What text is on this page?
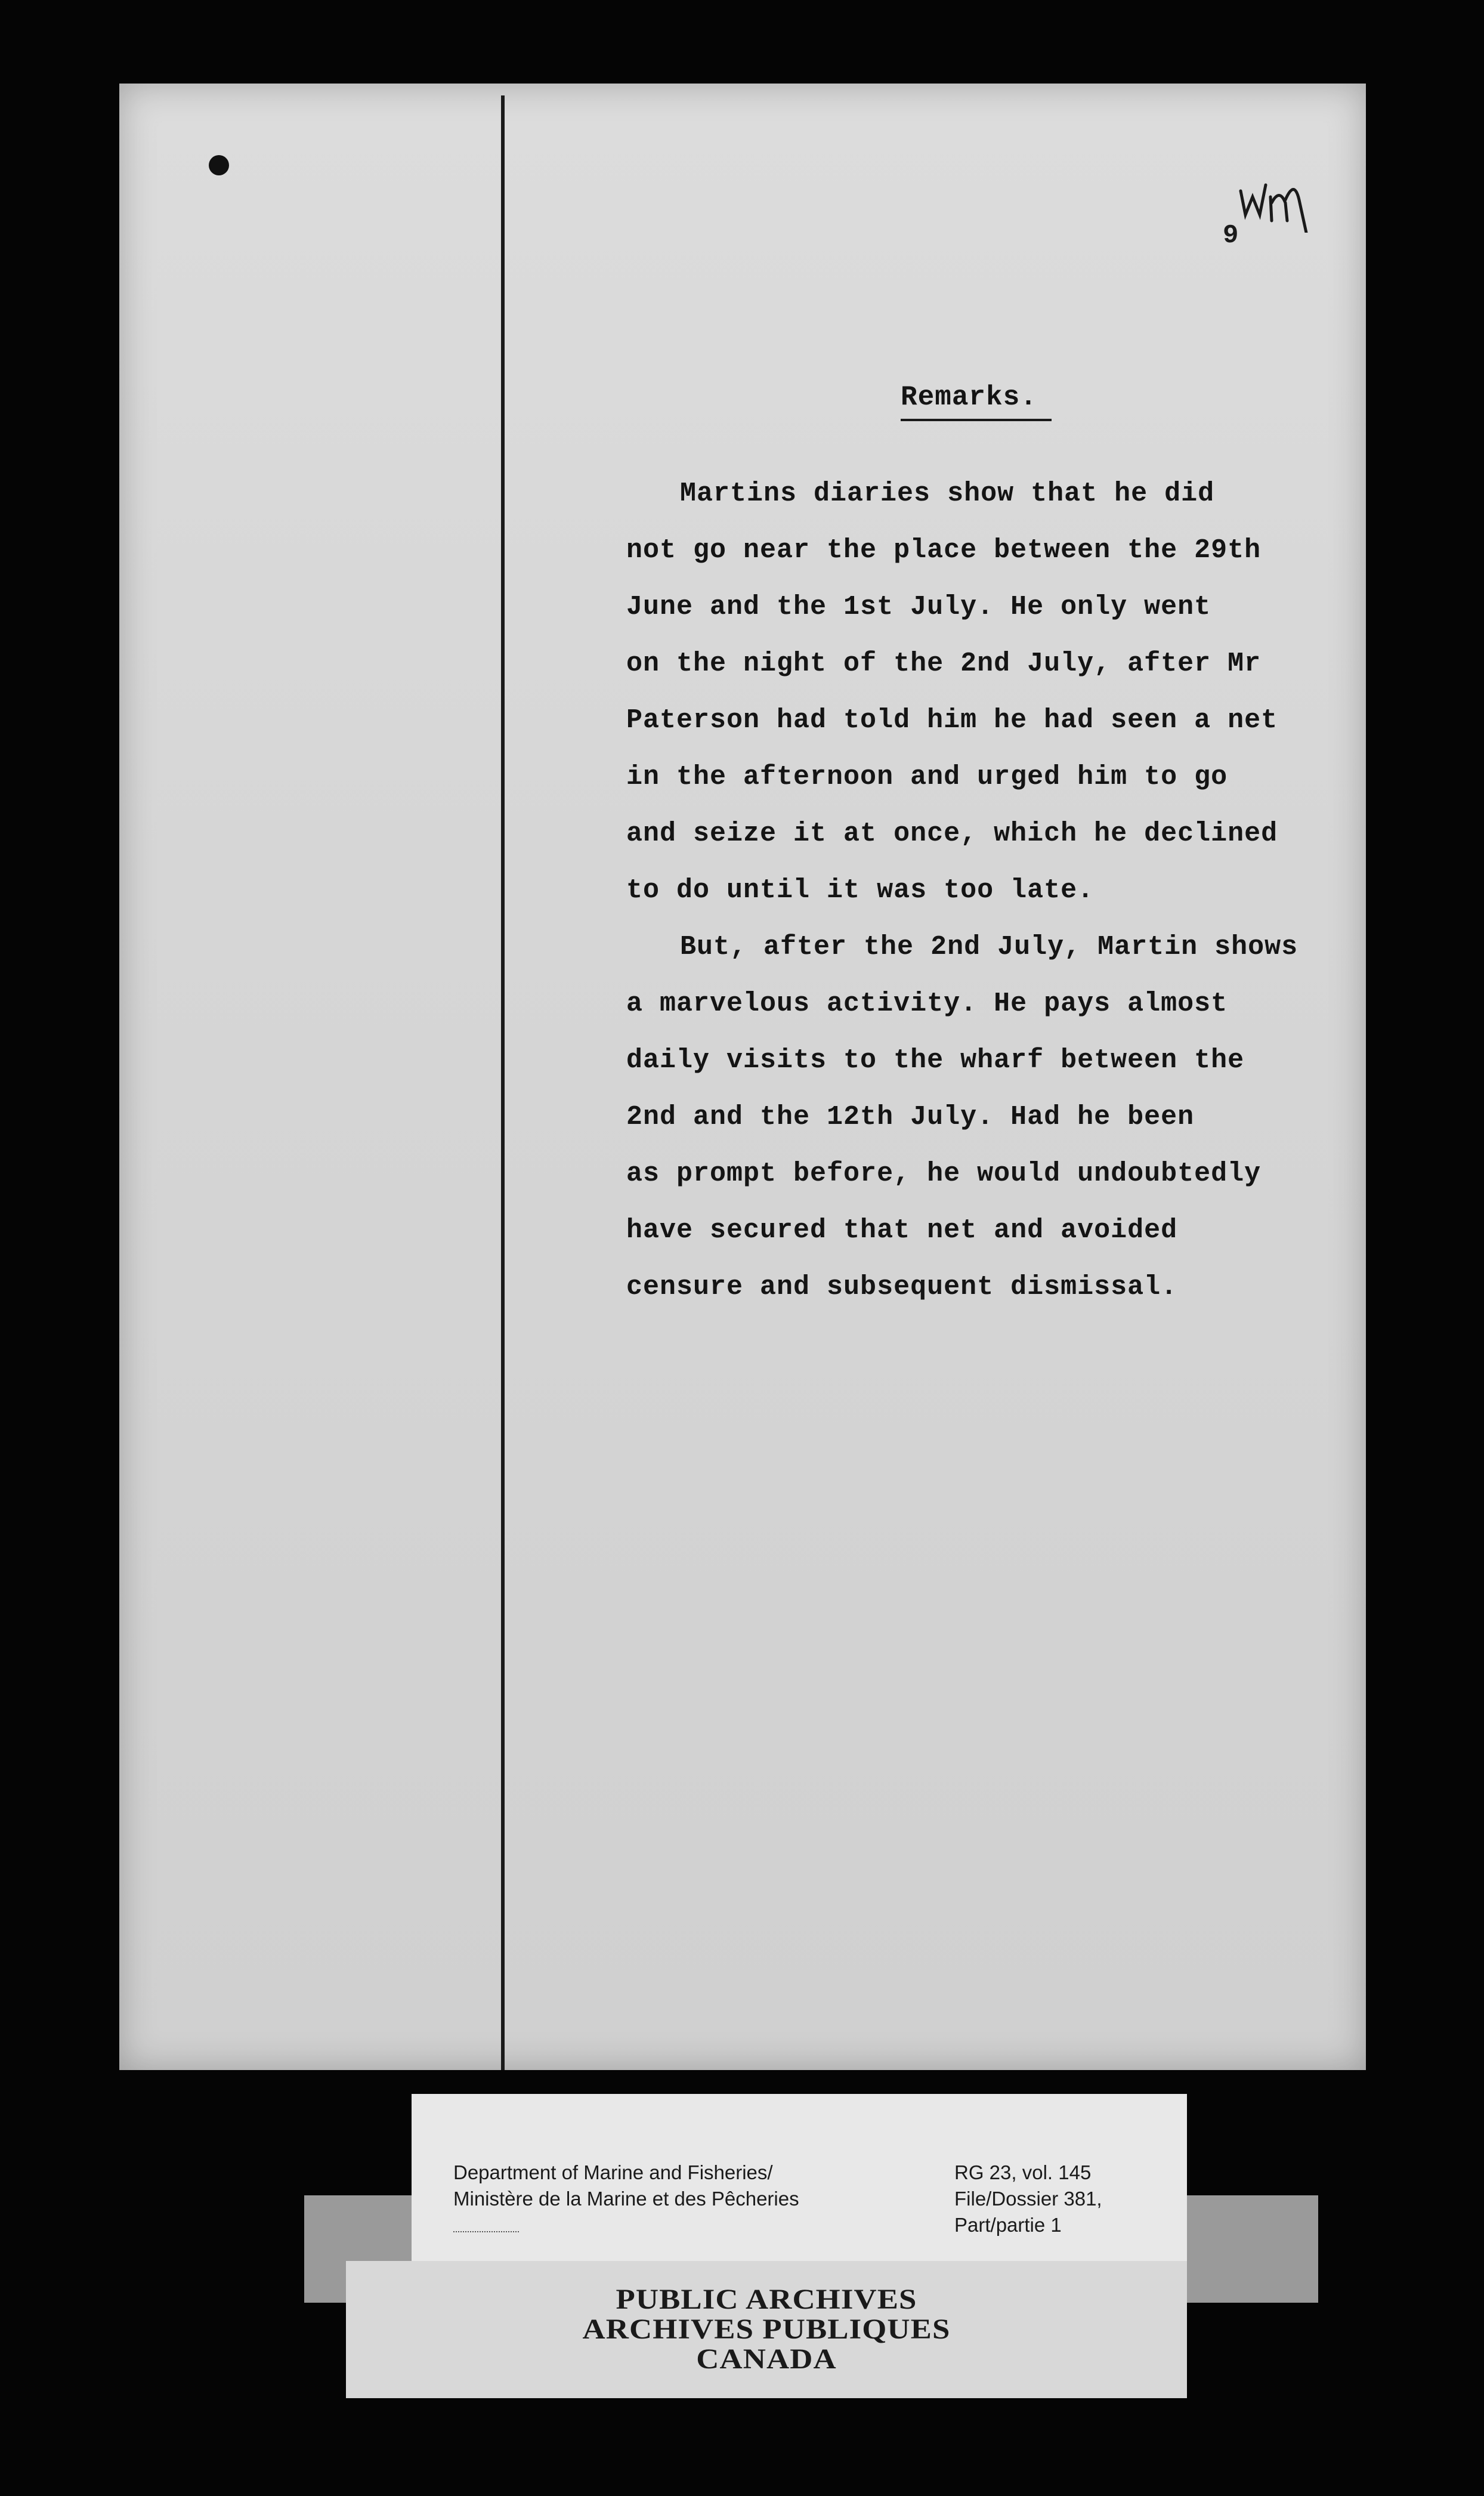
9
Remarks.
Martins diaries show that he did
not go near the place between the 29th
June and the 1st July. He only went
on the night of the 2nd July, after Mr
Paterson had told him he had seen a net
in the afternoon and urged him to go
and seize it at once, which he declined
to do until it was too late.
But, after the 2nd July, Martin shows
a marvelous activity. He pays almost
daily visits to the wharf between the
2nd and the 12th July. Had he been
as prompt before, he would undoubtedly
have secured that net and avoided
censure and subsequent dismissal.
Department of Marine and Fisheries/
Ministère de la Marine et des Pêcheries
RG 23, vol. 145
File/Dossier 381,
Part/partie 1
PUBLIC ARCHIVES
ARCHIVES PUBLIQUES
CANADA
